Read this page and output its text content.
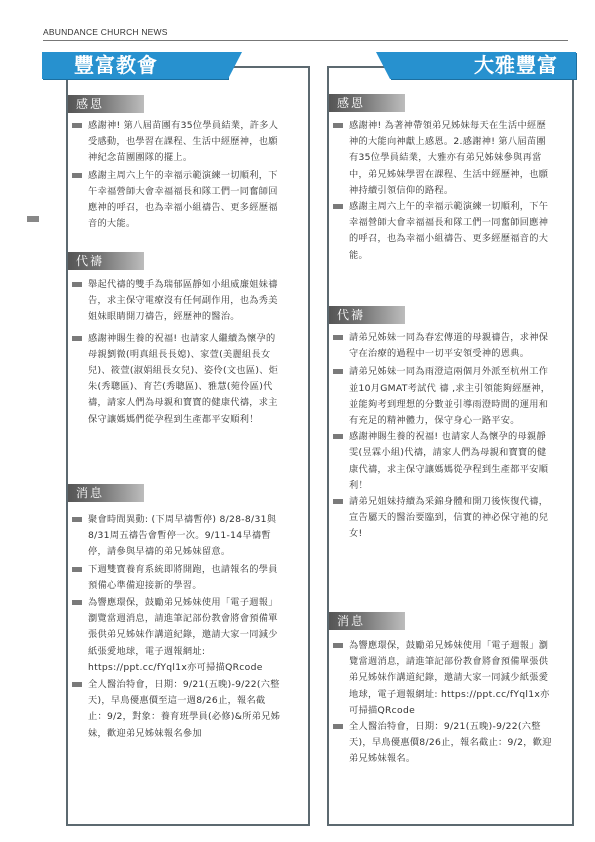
ABUNDANCE CHURCH NEWS
豐富教會
感恩
感謝神! 第八屆苗團有35位學員結業，許多人受感動，也學習在課程、生活中經歷神，也願神紀念苗團團隊的擺上。
感謝主周六上午的幸福示範演練一切順利，下午幸福營師大會幸福福長和隊工們一同奮師回應神的呼召，也為幸福小組禱告、更多經歷福音的大能。
代禱
舉起代禱的雙手為瑞郁區靜如小組威廉姐妹禱告，求主保守電療沒有任何副作用，也為秀美姐妹眼睛開刀禱告，經歷神的醫治。
感謝神賜生養的祝福! 也請家人繼續為懷孕的母親劉微(明真組長長媳)、家萱(美麗組長女兒)、筱萱(淑娟組長女兒)、姿伶(文也區)、炬朱(秀聰區)、育芒(秀聰區)、雅慧(菀伶區)代禱，請家人們為母親和寶寶的健康代禱，求主保守讓媽媽們從孕程到生產都平安順利！
消息
聚會時間異動: (下周早禱暫停) 8/28-8/31與8/31周五禱告會暫停一次。9/11-14早禱暫停，請參與早禱的弟兄姊妹留意。
下週雙寶養育系統即將開跑，也請報名的學員預備心準備迎接新的學習。
為響應環保，鼓勵弟兄姊妹使用「電子週報」瀏覽當週消息，請進筆記部份教會將會預備單張供弟兄姊妹作講道紀錄，邀請大家一同減少紙張愛地球，電子週報網址: https://ppt.cc/fYql1x亦可掃描QRcode
全人醫治特會，日期：9/21(五晚)-9/22(六整天)，早鳥優惠價至這一週8/26止，報名截止：9/2，對象：養育班學員(必修)&所弟兄姊妹，歡迎弟兄姊妹報名參加
大雅豐富
感恩
感謝神! 為著神帶領弟兄姊妹每天在生活中經歷神的大能向神獻上感恩。2.感謝神! 第八屆苗團有35位學員結業，大雅亦有弟兄姊妹參與再當中，弟兄姊妹學習在課程、生活中經歷神，也願神持續引領信仰的路程。
感謝主周六上午的幸福示範演練一切順利，下午幸福營師大會幸福福長和隊工們一同奮師回應神的呼召，也為幸福小組禱告、更多經歷福音的大能。
代禱
請弟兄姊妹一同為春宏傳道的母親禱告，求神保守在治療的過程中一切平安領受神的恩典。
請弟兄姊妹一同為雨澄這兩個月外派至杭州工作並10月GMAT考試代 禱 ,求主引領能夠經歷神，並能夠考到理想的分數並引導雨澄時間的運用和有充足的精神體力，保守身心一路平安。
感謝神賜生養的祝福! 也請家人為懷孕的母親靜雯(昱霖小組)代禱，請家人們為母親和寶寶的健康代禱，求主保守讓媽媽從孕程到生產都平安順利！
請弟兄姐妹持續為采錦身體和開刀後恢復代禱，宣告屬天的醫治要臨到，信實的神必保守祂的兒女!
消息
為響應環保，鼓勵弟兄姊妹使用「電子週報」瀏覽當週消息，請進筆記部份教會將會預備單張供弟兄姊妹作講道紀錄，邀請大家一同減少紙張愛地球，電子週報網址: https://ppt.cc/fYql1x亦可掃描QRcode
全人醫治特會，日期：9/21(五晚)-9/22(六整天)，早鳥優惠價8/26止，報名截止：9/2，歡迎弟兄姊妹報名。
